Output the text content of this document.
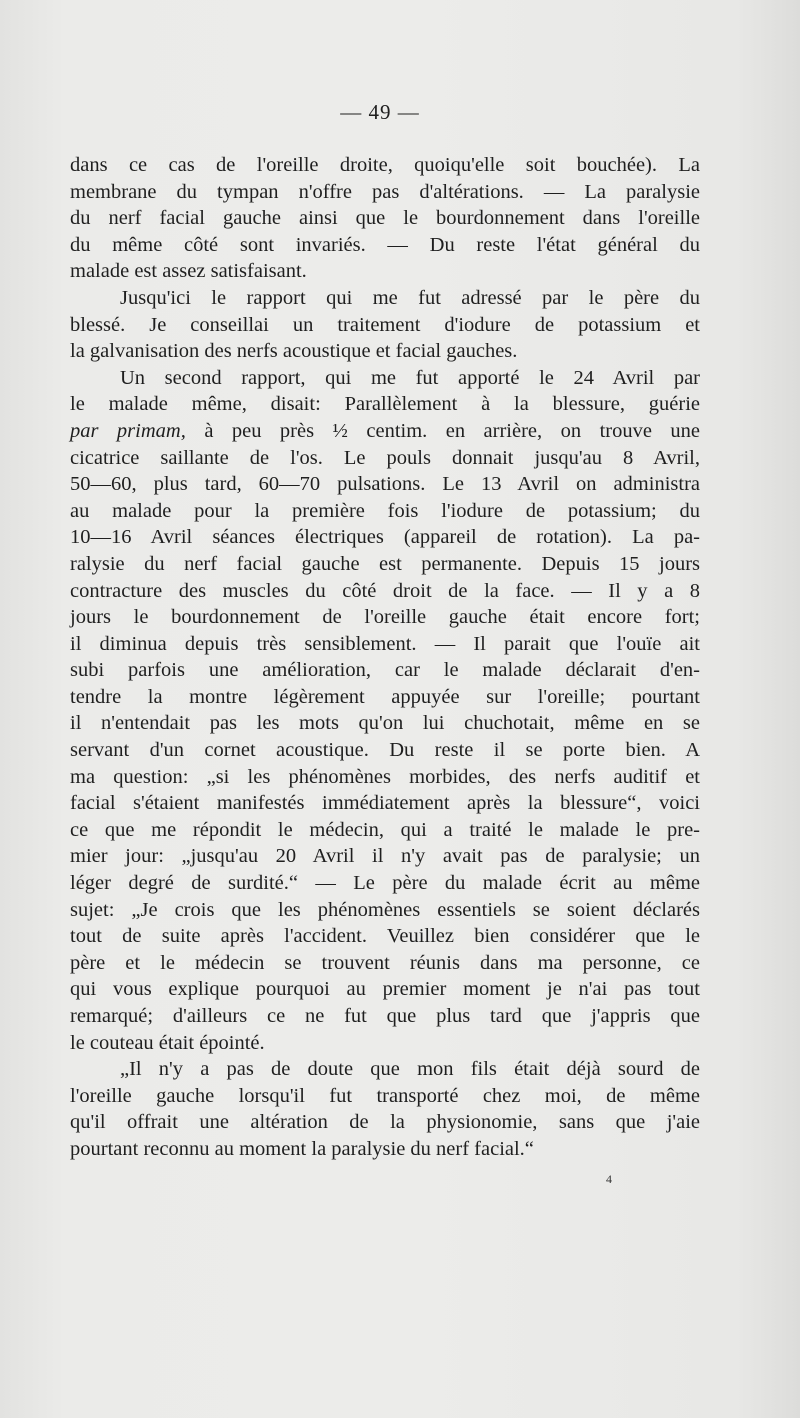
— 49 —
dans ce cas de l'oreille droite, quoiqu'elle soit bouchée). La
membrane du tympan n'offre pas d'altérations. — La paralysie
du nerf facial gauche ainsi que le bourdonnement dans l'oreille
du même côté sont invariés. — Du reste l'état général du
malade est assez satisfaisant.
Jusqu'ici le rapport qui me fut adressé par le père du
blessé. Je conseillai un traitement d'iodure de potassium et
la galvanisation des nerfs acoustique et facial gauches.
Un second rapport, qui me fut apporté le 24 Avril par
le malade même, disait: Parallèlement à la blessure, guérie
par primam, à peu près ½ centim. en arrière, on trouve une
cicatrice saillante de l'os. Le pouls donnait jusqu'au 8 Avril,
50—60, plus tard, 60—70 pulsations. Le 13 Avril on administra
au malade pour la première fois l'iodure de potassium; du
10—16 Avril séances électriques (appareil de rotation). La pa-
ralysie du nerf facial gauche est permanente. Depuis 15 jours
contracture des muscles du côté droit de la face. — Il y a 8
jours le bourdonnement de l'oreille gauche était encore fort;
il diminua depuis très sensiblement. — Il parait que l'ouïe ait
subi parfois une amélioration, car le malade déclarait d'en-
tendre la montre légèrement appuyée sur l'oreille; pourtant
il n'entendait pas les mots qu'on lui chuchotait, même en se
servant d'un cornet acoustique. Du reste il se porte bien. A
ma question: „si les phénomènes morbides, des nerfs auditif et
facial s'étaient manifestés immédiatement après la blessure“, voici
ce que me répondit le médecin, qui a traité le malade le pre-
mier jour: „jusqu'au 20 Avril il n'y avait pas de paralysie; un
léger degré de surdité.“ — Le père du malade écrit au même
sujet: „Je crois que les phénomènes essentiels se soient déclarés
tout de suite après l'accident. Veuillez bien considérer que le
père et le médecin se trouvent réunis dans ma personne, ce
qui vous explique pourquoi au premier moment je n'ai pas tout
remarqué; d'ailleurs ce ne fut que plus tard que j'appris que
le couteau était épointé.
„Il n'y a pas de doute que mon fils était déjà sourd de
l'oreille gauche lorsqu'il fut transporté chez moi, de même
qu'il offrait une altération de la physionomie, sans que j'aie
pourtant reconnu au moment la paralysie du nerf facial.“
4
